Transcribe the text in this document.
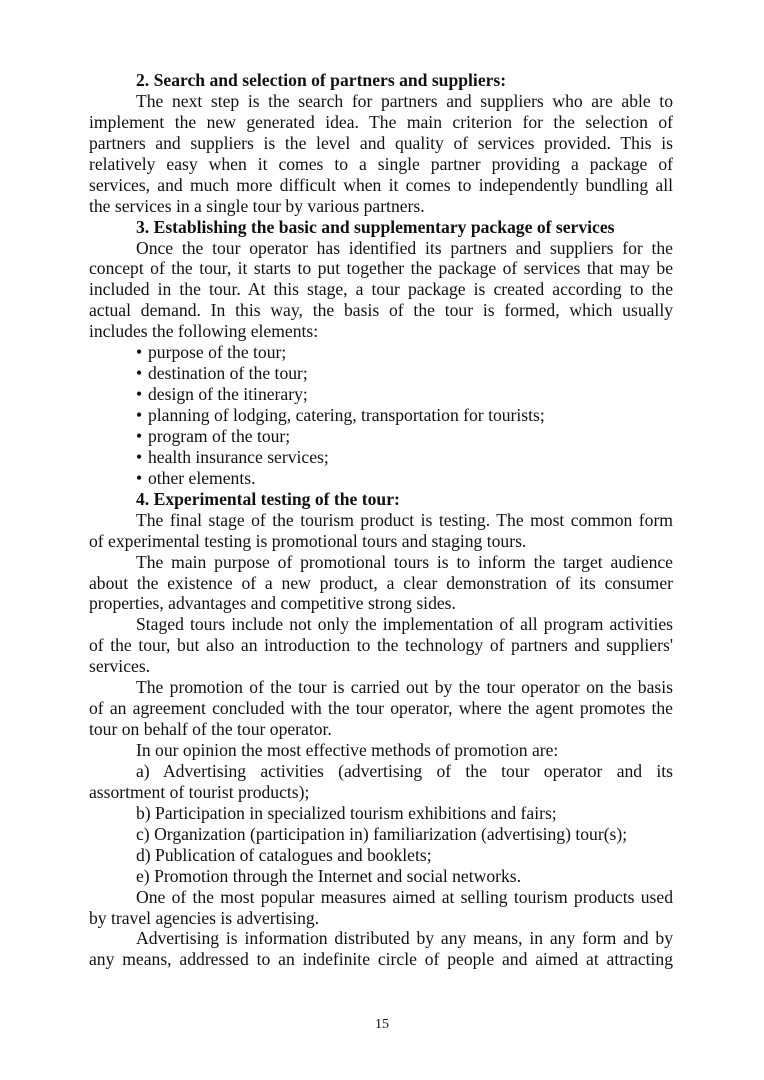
2. Search and selection of partners and suppliers:
The next step is the search for partners and suppliers who are able to
implement the new generated idea. The main criterion for the selection of
partners and suppliers is the level and quality of services provided. This is
relatively easy when it comes to a single partner providing a package of
services, and much more difficult when it comes to independently bundling all
the services in a single tour by various partners.
3. Establishing the basic and supplementary package of services
Once the tour operator has identified its partners and suppliers for the
concept of the tour, it starts to put together the package of services that may be
included in the tour. At this stage, a tour package is created according to the
actual demand. In this way, the basis of the tour is formed, which usually
includes the following elements:
• purpose of the tour;
• destination of the tour;
• design of the itinerary;
• planning of lodging, catering, transportation for tourists;
• program of the tour;
• health insurance services;
• other elements.
4. Experimental testing of the tour:
The final stage of the tourism product is testing. The most common form
of experimental testing is promotional tours and staging tours.
The main purpose of promotional tours is to inform the target audience
about the existence of a new product, a clear demonstration of its consumer
properties, advantages and competitive strong sides.
Staged tours include not only the implementation of all program activities
of the tour, but also an introduction to the technology of partners and suppliers'
services.
The promotion of the tour is carried out by the tour operator on the basis
of an agreement concluded with the tour operator, where the agent promotes the
tour on behalf of the tour operator.
In our opinion the most effective methods of promotion are:
a) Advertising activities (advertising of the tour operator and its
assortment of tourist products);
b) Participation in specialized tourism exhibitions and fairs;
c) Organization (participation in) familiarization (advertising) tour(s);
d) Publication of catalogues and booklets;
e) Promotion through the Internet and social networks.
One of the most popular measures aimed at selling tourism products used
by travel agencies is advertising.
Advertising is information distributed by any means, in any form and by
any means, addressed to an indefinite circle of people and aimed at attracting
15
